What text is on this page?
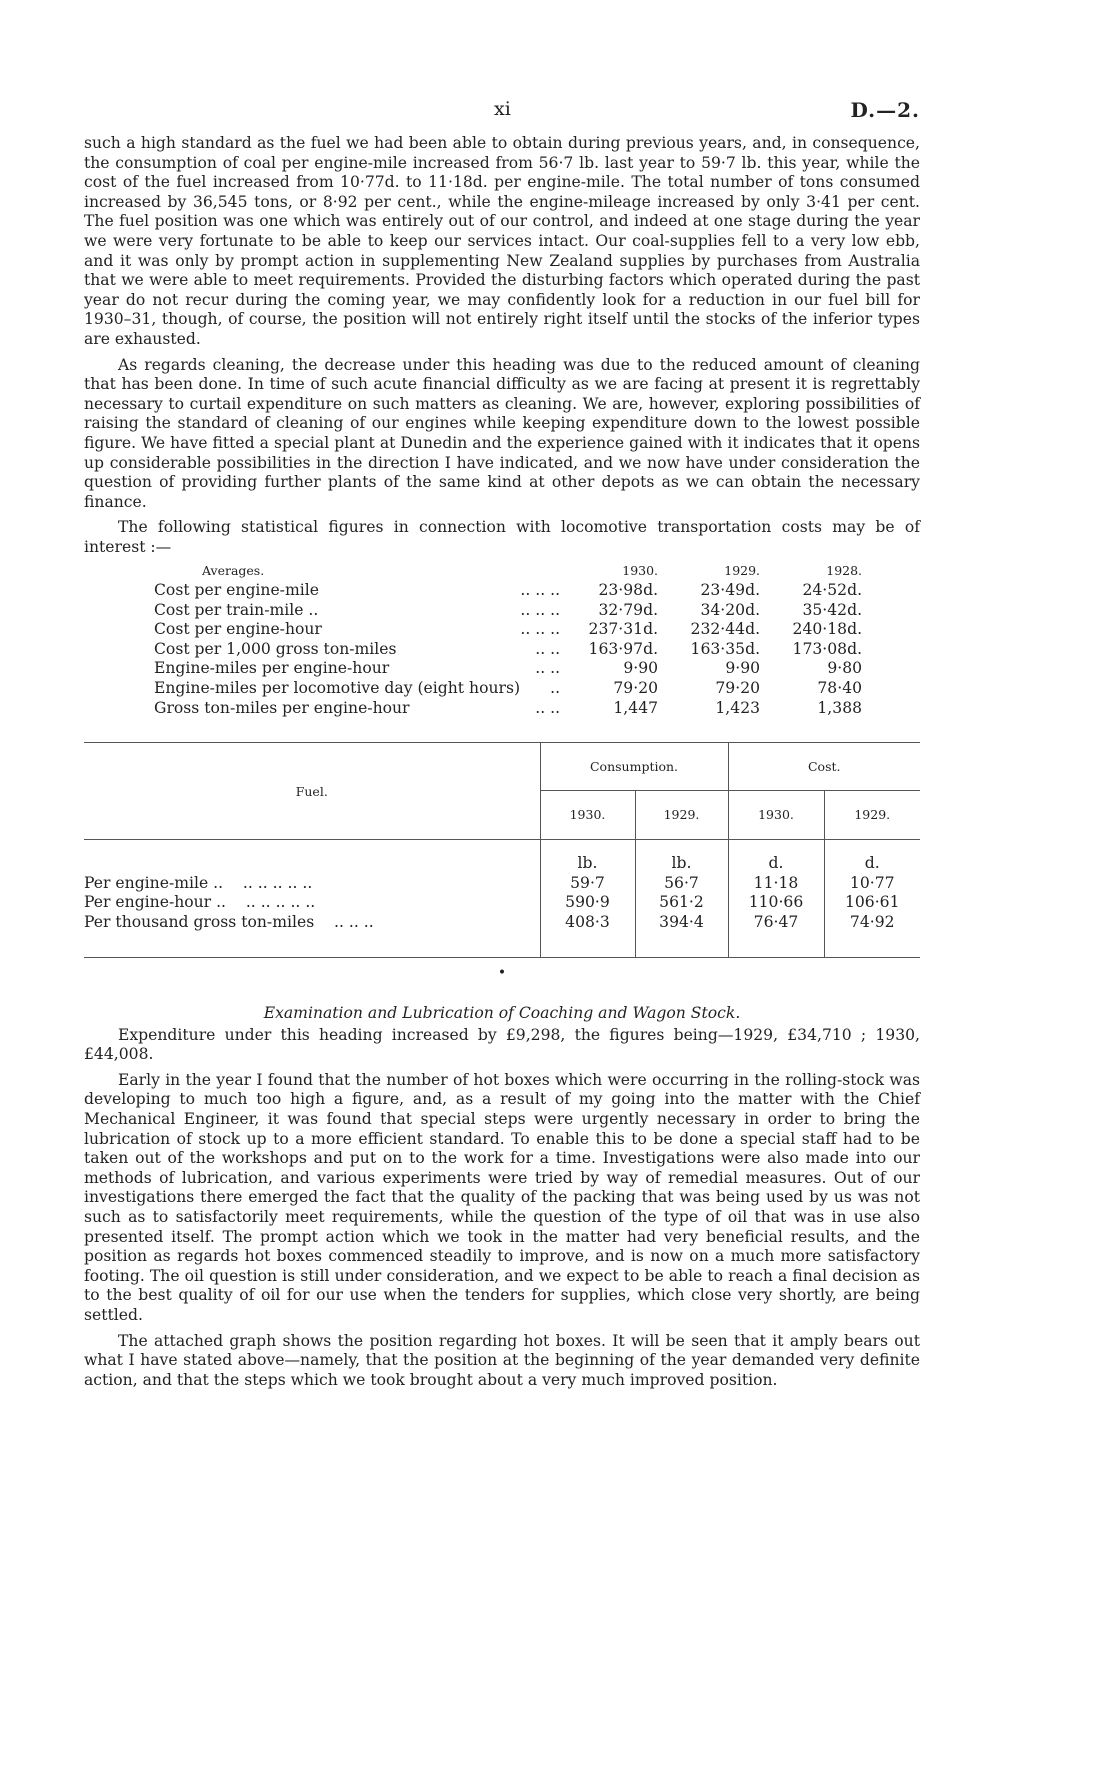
xi	D.—2.

such a high standard as the fuel we had been able to obtain during previous years, and, in consequence, the consumption of coal per engine-mile increased from 56·7 lb. last year to 59·7 lb. this year, while the cost of the fuel increased from 10·77d. to 11·18d. per engine-mile. The total number of tons consumed increased by 36,545 tons, or 8·92 per cent., while the engine-mileage increased by only 3·41 per cent. The fuel position was one which was entirely out of our control, and indeed at one stage during the year we were very fortunate to be able to keep our services intact. Our coal-supplies fell to a very low ebb, and it was only by prompt action in supplementing New Zealand supplies by purchases from Australia that we were able to meet requirements. Provided the disturbing factors which operated during the past year do not recur during the coming year, we may confidently look for a reduction in our fuel bill for 1930–31, though, of course, the position will not entirely right itself until the stocks of the inferior types are exhausted.

As regards cleaning, the decrease under this heading was due to the reduced amount of cleaning that has been done. In time of such acute financial difficulty as we are facing at present it is regrettably necessary to curtail expenditure on such matters as cleaning. We are, however, exploring possibilities of raising the standard of cleaning of our engines while keeping expenditure down to the lowest possible figure. We have fitted a special plant at Dunedin and the experience gained with it indicates that it opens up considerable possibilities in the direction I have indicated, and we now have under consideration the question of providing further plants of the same kind at other depots as we can obtain the necessary finance.

The following statistical figures in connection with locomotive transportation costs may be of interest :—

Averages.		1930.	1929.	1928.
Cost per engine-mile	.. .. ..	23·98d.	23·49d.	24·52d.
Cost per train-mile ..	.. .. ..	32·79d.	34·20d.	35·42d.
Cost per engine-hour	.. .. ..	237·31d.	232·44d.	240·18d.
Cost per 1,000 gross ton-miles	.. ..	163·97d.	163·35d.	173·08d.
Engine-miles per engine-hour	.. ..	9·90	9·90	9·80
Engine-miles per locomotive day (eight hours)	..	79·20	79·20	78·40
Gross ton-miles per engine-hour	.. ..	1,447	1,423	1,388
Fuel.	Consumption.		Cost.	
	1930.	1929.	1930.	1929.
	lb.	lb.	d.	d.
Per engine-mile .. .. .. .. .. ..	59·7	56·7	11·18	10·77
Per engine-hour .. .. .. .. .. ..	590·9	561·2	110·66	106·61
Per thousand gross ton-miles .. .. ..	408·3	394·4	76·47	74·92
•
Examination and Lubrication of Coaching and Wagon Stock.

Expenditure under this heading increased by £9,298, the figures being—1929, £34,710 ; 1930, £44,008.

Early in the year I found that the number of hot boxes which were occurring in the rolling-stock was developing to much too high a figure, and, as a result of my going into the matter with the Chief Mechanical Engineer, it was found that special steps were urgently necessary in order to bring the lubrication of stock up to a more efficient standard. To enable this to be done a special staff had to be taken out of the workshops and put on to the work for a time. Investigations were also made into our methods of lubrication, and various experiments were tried by way of remedial measures. Out of our investigations there emerged the fact that the quality of the packing that was being used by us was not such as to satisfactorily meet requirements, while the question of the type of oil that was in use also presented itself. The prompt action which we took in the matter had very beneficial results, and the position as regards hot boxes commenced steadily to improve, and is now on a much more satisfactory footing. The oil question is still under consideration, and we expect to be able to reach a final decision as to the best quality of oil for our use when the tenders for supplies, which close very shortly, are being settled.

The attached graph shows the position regarding hot boxes. It will be seen that it amply bears out what I have stated above—namely, that the position at the beginning of the year demanded very definite action, and that the steps which we took brought about a very much improved position.
